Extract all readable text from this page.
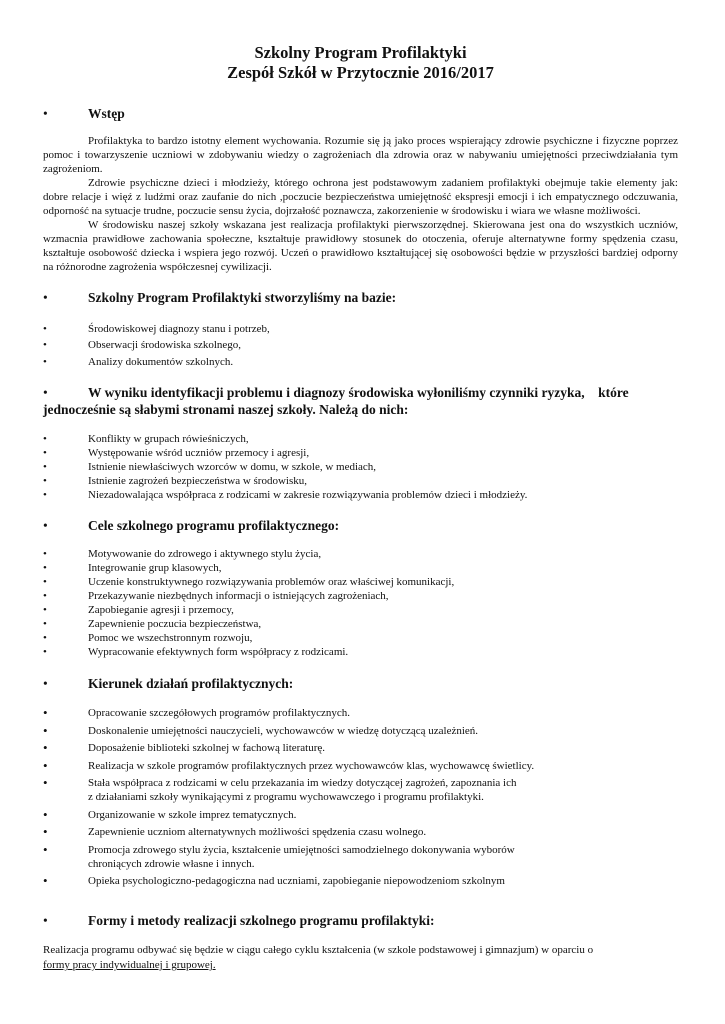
Szkolny Program Profilaktyki
Zespół Szkół w Przytocznie 2016/2017
•	Wstęp

Profilaktyka to bardzo istotny element wychowania. Rozumie się ją jako proces wspierający zdrowie psychiczne i fizyczne poprzez pomoc i towarzyszenie uczniowi w zdobywaniu wiedzy o zagrożeniach dla zdrowia oraz w nabywaniu umiejętności przeciwdziałania tym zagrożeniom.

Zdrowie psychiczne dzieci i młodzieży, którego ochrona jest podstawowym zadaniem profilaktyki obejmuje takie elementy jak: dobre relacje i więź z ludźmi oraz zaufanie do nich ,poczucie bezpieczeństwa umiejętność ekspresji emocji i ich empatycznego odczuwania, odporność na sytuacje trudne, poczucie sensu życia, dojrzałość poznawcza, zakorzenienie w środowisku i wiara we własne możliwości.

W środowisku naszej szkoły wskazana jest realizacja profilaktyki pierwszorzędnej. Skierowana jest ona do wszystkich uczniów, wzmacnia prawidłowe zachowania społeczne, kształtuje prawidłowy stosunek do otoczenia, oferuje alternatywne formy spędzenia czasu, kształtuje osobowość dziecka i wspiera jego rozwój. Uczeń o prawidłowo kształtującej się osobowości będzie w przyszłości bardziej odporny na różnorodne zagrożenia współczesnej cywilizacji.

•	Szkolny Program Profilaktyki stworzyliśmy na bazie:
•	Środowiskowej diagnozy stanu i potrzeb,
•	Obserwacji środowiska szkolnego,
•	Analizy dokumentów szkolnych.
•	W wyniku identyfikacji problemu i diagnozy środowiska wyłoniliśmy czynniki ryzyka,    które jednocześnie są słabymi stronami naszej szkoły. Należą do nich:
•	Konflikty w grupach rówieśniczych,
•	Występowanie wśród uczniów przemocy i agresji,
•	Istnienie niewłaściwych wzorców w domu, w szkole, w mediach,
•	Istnienie zagrożeń bezpieczeństwa w środowisku,
•	Niezadowalająca współpraca z rodzicami w zakresie rozwiązywania problemów dzieci i młodzieży.
•	Cele szkolnego programu profilaktycznego:
•	Motywowanie do zdrowego i aktywnego stylu życia,
•	Integrowanie grup klasowych,
•	Uczenie konstruktywnego rozwiązywania problemów oraz właściwej komunikacji,
•	Przekazywanie niezbędnych informacji o istniejących zagrożeniach,
•	Zapobieganie agresji i przemocy,
•	Zapewnienie poczucia bezpieczeństwa,
•	Pomoc we wszechstronnym rozwoju,
•	Wypracowanie efektywnych form współpracy z rodzicami.
•	Kierunek działań profilaktycznych:
•	Opracowanie szczegółowych programów profilaktycznych.
•	Doskonalenie umiejętności nauczycieli, wychowawców w wiedzę dotyczącą uzależnień.
•	Doposażenie biblioteki szkolnej w fachową literaturę.
•	Realizacja w szkole programów profilaktycznych przez wychowawców klas, wychowawcę świetlicy.
•	Stała współpraca z rodzicami w celu przekazania im wiedzy dotyczącej zagrożeń, zapoznania ich
z działaniami szkoły wynikającymi z programu wychowawczego i programu profilaktyki.
•	Organizowanie w szkole imprez tematycznych.
•	Zapewnienie uczniom alternatywnych możliwości spędzenia czasu wolnego.
•	Promocja zdrowego stylu życia, kształcenie umiejętności samodzielnego dokonywania wyborów
chroniących zdrowie własne i innych.
•	Opieka psychologiczno-pedagogiczna nad uczniami, zapobieganie niepowodzeniom szkolnym
•	Formy i metody realizacji szkolnego programu profilaktyki:
Realizacja programu odbywać się będzie w ciągu całego cyklu kształcenia (w szkole podstawowej i gimnazjum) w oparciu o
formy pracy indywidualnej i grupowej.
